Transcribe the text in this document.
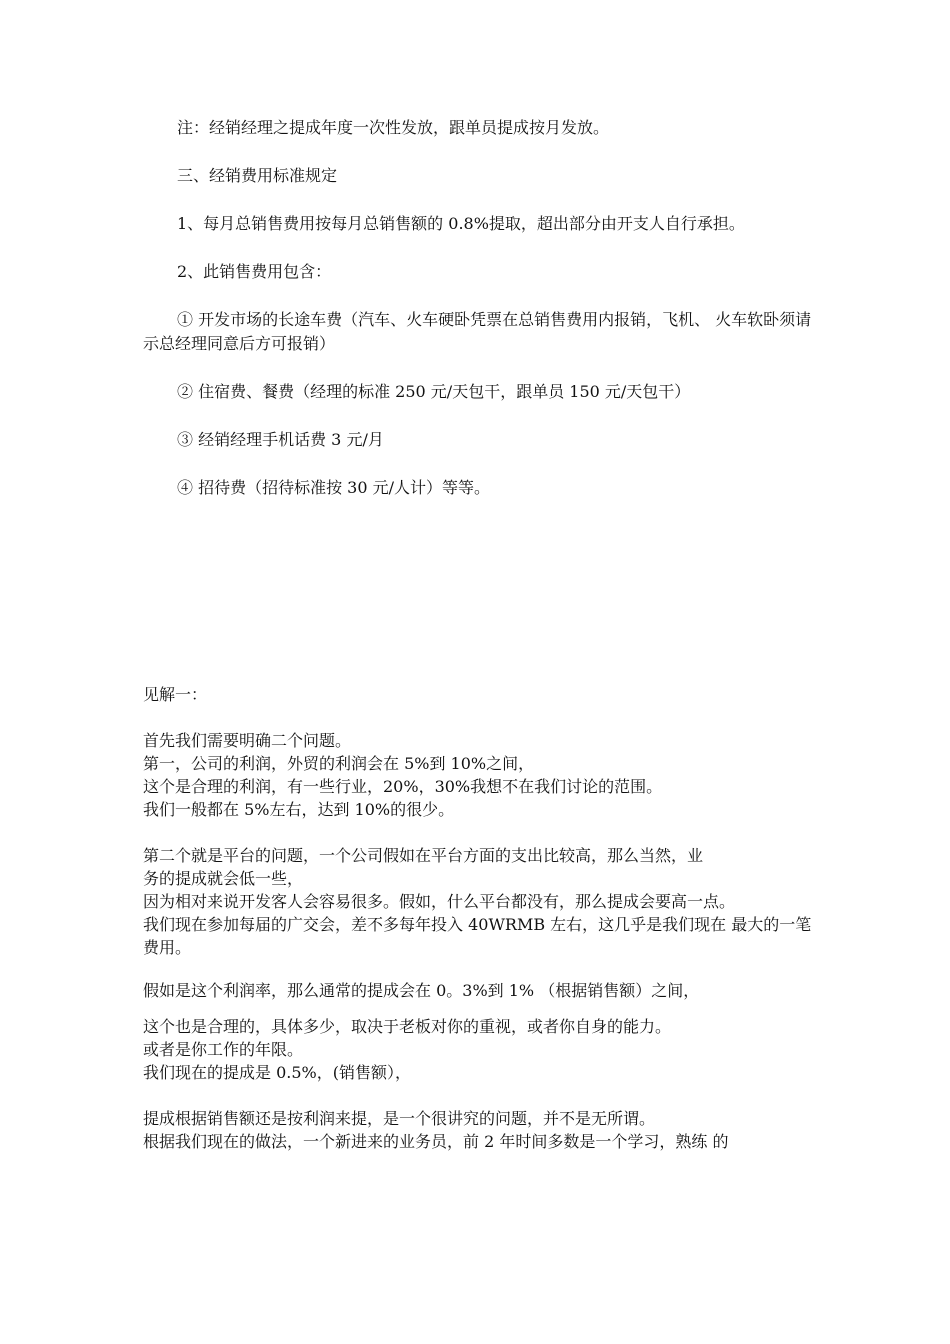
注：经销经理之提成年度一次性发放，跟单员提成按月发放。

三、经销费用标准规定

1、每月总销售费用按每月总销售额的 0.8%提取，超出部分由开支人自行承担。

2、此销售费用包含：

① 开发市场的长途车费（汽车、火车硬卧凭票在总销售费用内报销，飞机、 火车软卧须请示总经理同意后方可报销）

② 住宿费、餐费（经理的标准 250 元/天包干，跟单员 150 元/天包干）

③ 经销经理手机话费 3 元/月

④ 招待费（招待标准按 30 元/人计）等等。

见解一：

首先我们需要明确二个问题。

第一，公司的利润，外贸的利润会在 5%到 10%之间，

这个是合理的利润，有一些行业，20%，30%我想不在我们讨论的范围。

我们一般都在 5%左右，达到 10%的很少。

第二个就是平台的问题，一个公司假如在平台方面的支出比较高，那么当然，业

务的提成就会低一些，

因为相对来说开发客人会容易很多。假如，什么平台都没有，那么提成会要高一点。

我们现在参加每届的广交会，差不多每年投入 40WRMB 左右，这几乎是我们现在 最大的一笔费用。

假如是这个利润率，那么通常的提成会在 0。3%到 1% （根据销售额）之间，

这个也是合理的，具体多少，取决于老板对你的重视，或者你自身的能力。

或者是你工作的年限。

我们现在的提成是 0.5%，(销售额），

提成根据销售额还是按利润来提，是一个很讲究的问题，并不是无所谓。

根据我们现在的做法，一个新进来的业务员，前 2 年时间多数是一个学习，熟练 的
